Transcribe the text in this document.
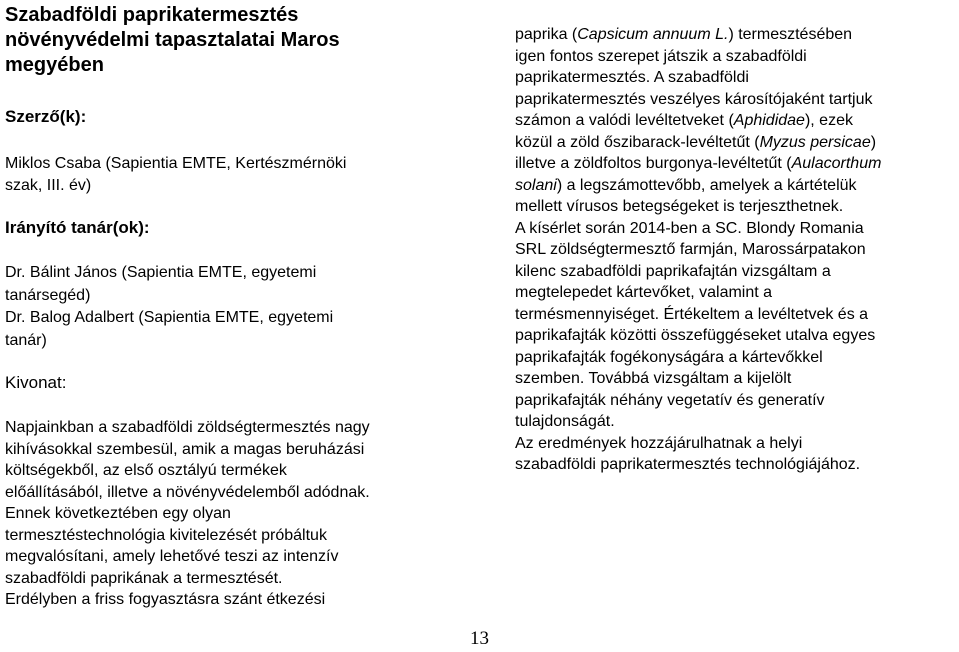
Szabadföldi paprikatermesztés
növényvédelmi tapasztalatai Maros
megyében
Szerző(k):
Miklos Csaba (Sapientia EMTE, Kertészmérnöki
szak, III. év)
Irányító tanár(ok):
Dr. Bálint János (Sapientia EMTE, egyetemi
tanársegéd)
Dr. Balog Adalbert (Sapientia EMTE, egyetemi
tanár)
Kivonat:
Napjainkban a szabadföldi zöldségtermesztés nagy
kihívásokkal szembesül, amik a magas beruházási
költségekből, az első osztályú termékek
előállításából, illetve a növényvédelemből adódnak.
Ennek következtében egy olyan
termesztéstechnológia kivitelezését próbáltuk
megvalósítani, amely lehetővé teszi az intenzív
szabadföldi paprikának a termesztését.
Erdélyben a friss fogyasztásra szánt étkezési
paprika (Capsicum annuum L.) termesztésében
igen fontos szerepet játszik a szabadföldi
paprikatermesztés. A szabadföldi
paprikatermesztés veszélyes károsítójaként tartjuk
számon a valódi levéltetveket (Aphididae), ezek
közül a zöld őszibarack-levéltetűt (Myzus persicae)
illetve a zöldfoltos burgonya-levéltetűt (Aulacorthum
solani) a legszámottevőbb, amelyek a kártételük
mellett vírusos betegségeket is terjeszthetnek.
A kísérlet során 2014-ben a SC. Blondy Romania
SRL zöldségtermesztő farmján, Marossárpatakon
kilenc szabadföldi paprikafajtán vizsgáltam a
megtelepedet kártevőket, valamint a
termésmennyiséget. Értékeltem a levéltetvek és a
paprikafajták közötti összefüggéseket utalva egyes
paprikafajták fogékonyságára a kártevőkkel
szemben. Továbbá vizsgáltam a kijelölt
paprikafajták néhány vegetatív és generatív
tulajdonságát.
Az eredmények hozzájárulhatnak a helyi
szabadföldi paprikatermesztés technológiájához.
13
